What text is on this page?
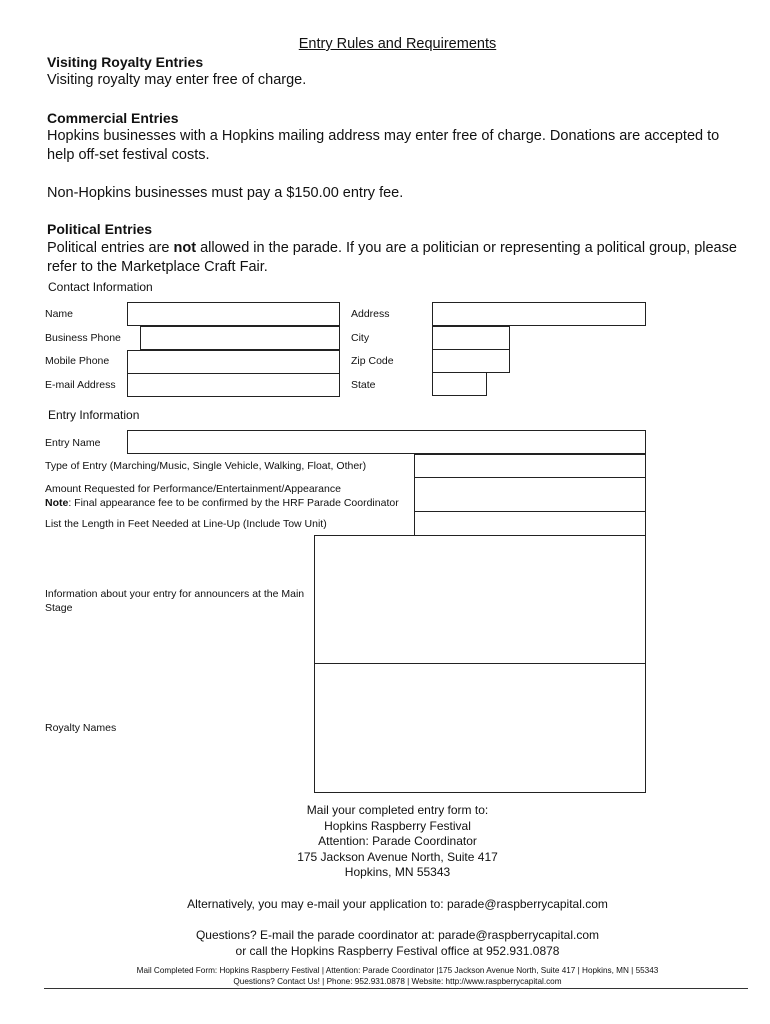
Entry Rules and Requirements
Visiting Royalty Entries
Visiting royalty may enter free of charge.
Commercial Entries
Hopkins businesses with a Hopkins mailing address may enter free of charge. Donations are accepted to help off-set festival costs.
Non-Hopkins businesses must pay a $150.00 entry fee.
Political Entries
Political entries are not allowed in the parade. If you are a politician or representing a political group, please refer to the Marketplace Craft Fair.
Contact Information
Name
Business Phone
Mobile Phone
E-mail Address
Address
City
Zip Code
State
Entry Information
Entry Name
Type of Entry (Marching/Music, Single Vehicle, Walking, Float, Other)
Amount Requested for Performance/Entertainment/Appearance
Note: Final appearance fee to be confirmed by the HRF Parade Coordinator
List the Length in Feet Needed at Line-Up (Include Tow Unit)
Information about your entry for announcers at the Main Stage
Royalty Names
Mail your completed entry form to:
Hopkins Raspberry Festival
Attention: Parade Coordinator
175 Jackson Avenue North, Suite 417
Hopkins, MN 55343
Alternatively, you may e-mail your application to: parade@raspberrycapital.com
Questions? E-mail the parade coordinator at: parade@raspberrycapital.com
or call the Hopkins Raspberry Festival office at 952.931.0878
Mail Completed Form: Hopkins Raspberry Festival | Attention: Parade Coordinator |175 Jackson Avenue North, Suite 417 | Hopkins, MN | 55343
Questions? Contact Us! | Phone: 952.931.0878 | Website: http://www.raspberrycapital.com
